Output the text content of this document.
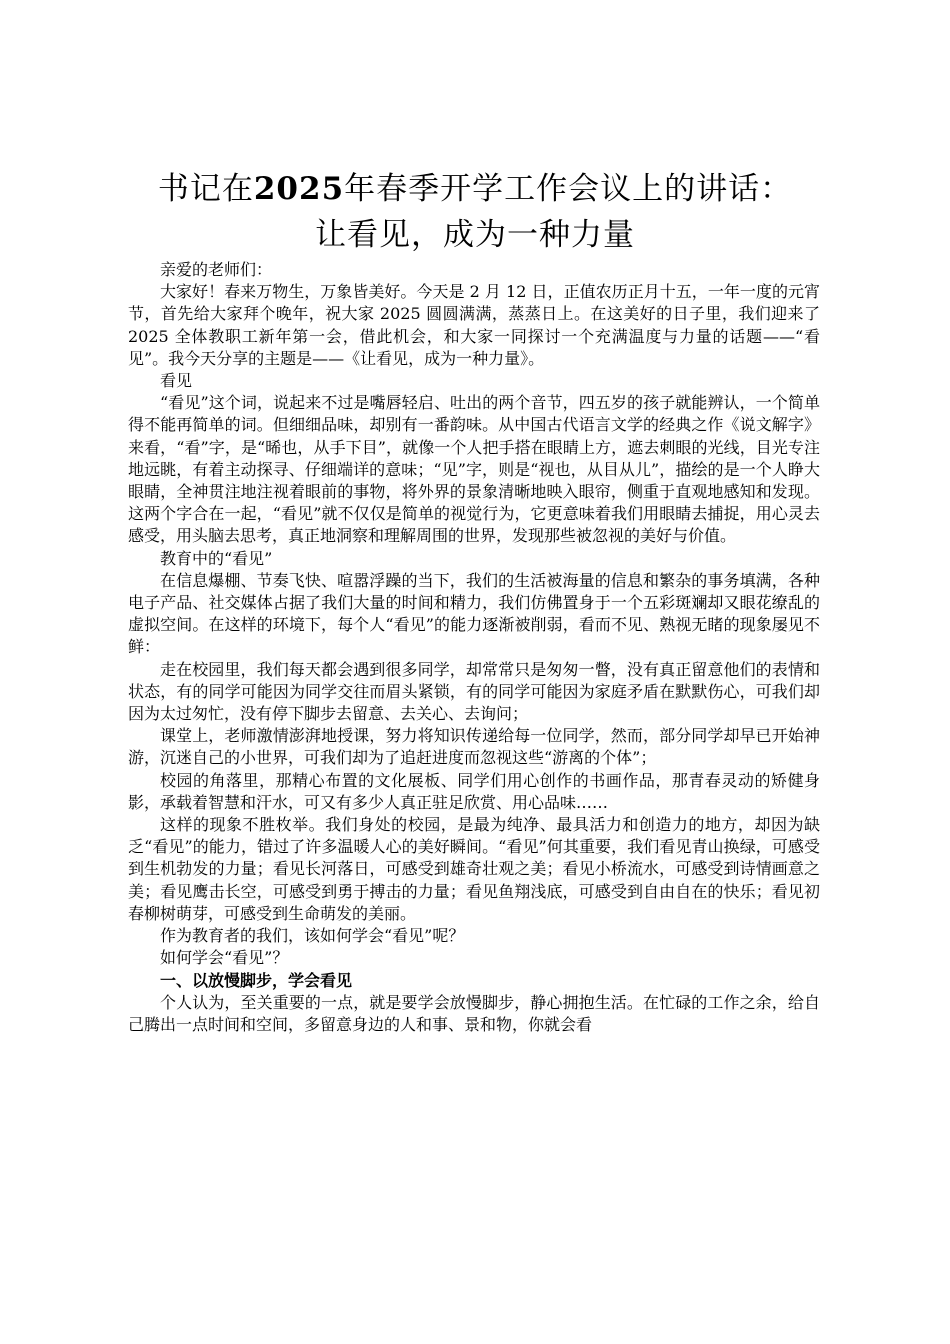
书记在2025年春季开学工作会议上的讲话：
让看见，成为一种力量

亲爱的老师们：

大家好！春来万物生，万象皆美好。今天是 2 月 12 日，正值农历正月十五，一年一度的元宵节，首先给大家拜个晚年，祝大家 2025 圆圆满满，蒸蒸日上。在这美好的日子里，我们迎来了 2025 全体教职工新年第一会，借此机会，和大家一同探讨一个充满温度与力量的话题——“看见”。我今天分享的主题是——《让看见，成为一种力量》。

看见

“看见”这个词，说起来不过是嘴唇轻启、吐出的两个音节，四五岁的孩子就能辨认，一个简单得不能再简单的词。但细细品味，却别有一番韵味。从中国古代语言文学的经典之作《说文解字》来看，“看”字，是“晞也，从手下目”，就像一个人把手搭在眼睛上方，遮去刺眼的光线，目光专注地远眺，有着主动探寻、仔细端详的意味；“见”字，则是“视也，从目从儿”，描绘的是一个人睁大眼睛，全神贯注地注视着眼前的事物，将外界的景象清晰地映入眼帘，侧重于直观地感知和发现。这两个字合在一起，“看见”就不仅仅是简单的视觉行为，它更意味着我们用眼睛去捕捉，用心灵去感受，用头脑去思考，真正地洞察和理解周围的世界，发现那些被忽视的美好与价值。

教育中的“看见”

在信息爆棚、节奏飞快、喧嚣浮躁的当下，我们的生活被海量的信息和繁杂的事务填满，各种电子产品、社交媒体占据了我们大量的时间和精力，我们仿佛置身于一个五彩斑斓却又眼花缭乱的虚拟空间。在这样的环境下，每个人“看见”的能力逐渐被削弱，看而不见、熟视无睹的现象屡见不鲜：

走在校园里，我们每天都会遇到很多同学，却常常只是匆匆一瞥，没有真正留意他们的表情和状态，有的同学可能因为同学交往而眉头紧锁，有的同学可能因为家庭矛盾在默默伤心，可我们却因为太过匆忙，没有停下脚步去留意、去关心、去询问；

课堂上，老师激情澎湃地授课，努力将知识传递给每一位同学，然而，部分同学却早已开始神游，沉迷自己的小世界，可我们却为了追赶进度而忽视这些“游离的个体”；

校园的角落里，那精心布置的文化展板、同学们用心创作的书画作品，那青春灵动的矫健身影，承载着智慧和汗水，可又有多少人真正驻足欣赏、用心品味……

这样的现象不胜枚举。我们身处的校园，是最为纯净、最具活力和创造力的地方，却因为缺乏“看见”的能力，错过了许多温暖人心的美好瞬间。“看见”何其重要，我们看见青山换绿，可感受到生机勃发的力量；看见长河落日，可感受到雄奇壮观之美；看见小桥流水，可感受到诗情画意之美；看见鹰击长空，可感受到勇于搏击的力量；看见鱼翔浅底，可感受到自由自在的快乐；看见初春柳树萌芽，可感受到生命萌发的美丽。

作为教育者的我们，该如何学会“看见”呢？

如何学会“看见”？

一、以放慢脚步，学会看见

个人认为，至关重要的一点，就是要学会放慢脚步，静心拥抱生活。在忙碌的工作之余，给自己腾出一点时间和空间，多留意身边的人和事、景和物，你就会看
